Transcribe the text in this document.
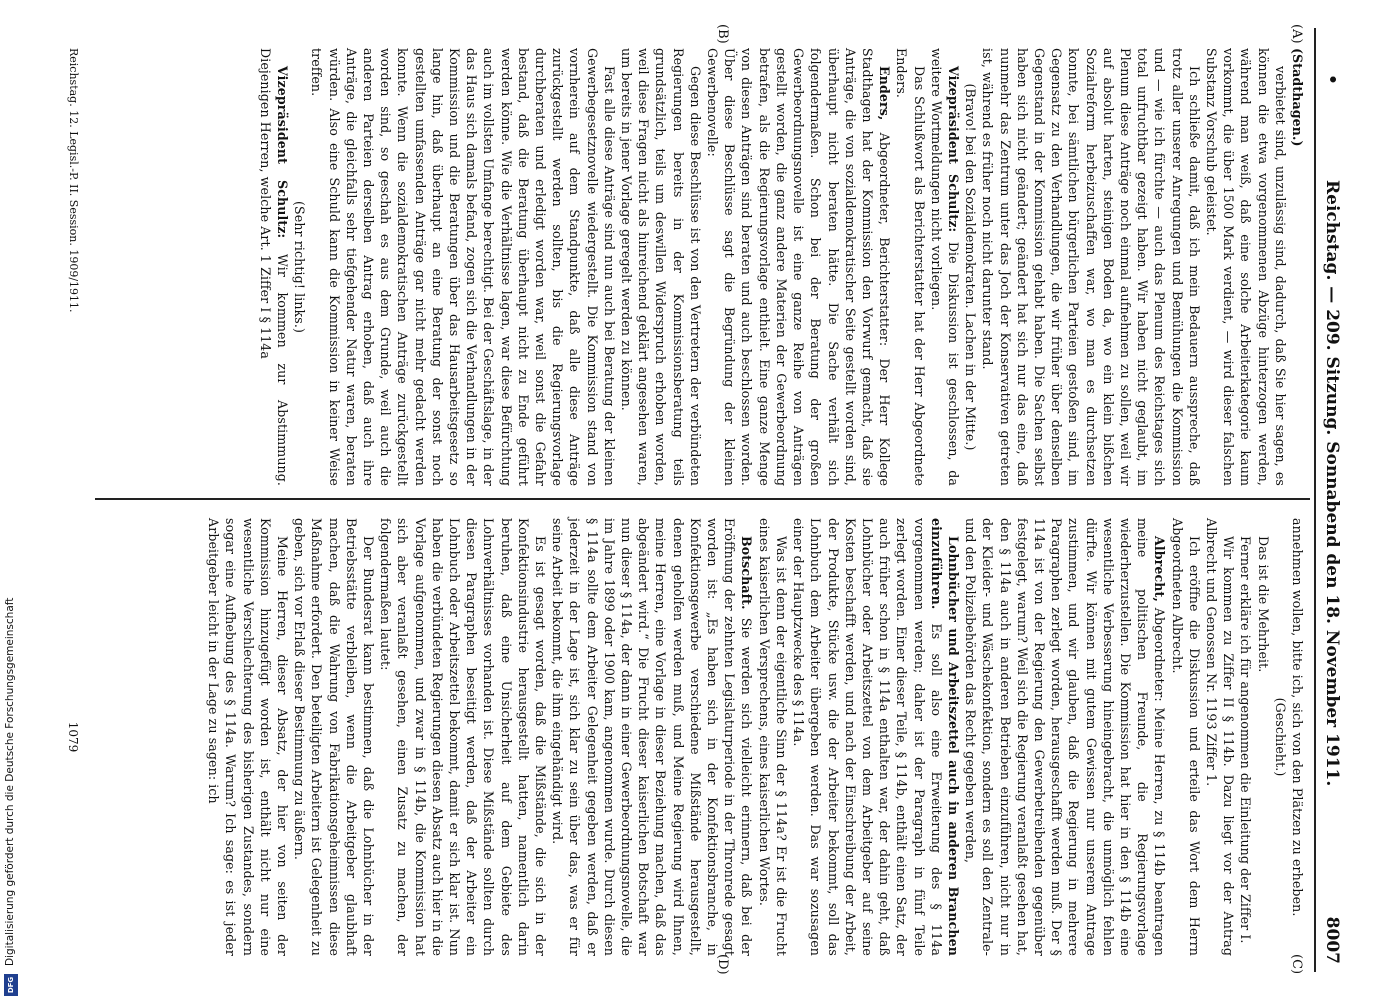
•
Reichstag. — 209. Sitzung. Sonnabend den 18. November 1911.
8007
(A)
(B)
(C)
(D)

(Stadthagen.)

verbietet sind, unzulässig sind, dadurch, daß Sie hier sagen, es können die etwa vorgenommenen Abzüge hinterzogen werden, während man weiß, daß eine solche Arbeiterkategorie kaum vorkommt, die über 1500 Mark verdient, — wird dieser falschen Substanz Vorschub geleistet.

Ich schließe damit, daß ich mein Bedauern ausspreche, daß trotz aller unserer Anregungen und Bemühungen die Kommission und — wie ich fürchte — auch das Plenum des Reichstages sich total unfruchtbar gezeigt haben. Wir haben nicht geglaubt, im Plenum diese Anträge noch einmal aufnehmen zu sollen, weil wir auf absolut harten, steinigen Boden da, wo ein klein bißchen Sozialreform herbeizuschaffen war, wo man es durchsetzen konnte, bei sämtlichen bürgerlichen Parteien gestoßen sind, im Gegensatz zu den Verhandlungen, die wir früher über denselben Gegenstand in der Kommission gehabt haben. Die Sachen selbst haben sich nicht geändert; geändert hat sich nur das eine, daß nunmehr das Zentrum unter das Joch der Konservativen getreten ist, während es früher noch nicht darunter stand.

(Bravo! bei den Sozialdemokraten. Lachen in der Mitte.)

Vizepräsident Schultz: Die Diskussion ist geschlossen, da weitere Wortmeldungen nicht vorliegen.

Das Schlußwort als Berichterstatter hat der Herr Abgeordnete Enders.

Enders, Abgeordneter, Berichterstatter: Der Herr Kollege Stadthagen hat der Kommission den Vorwurf gemacht, daß sie Anträge, die von sozialdemokratischer Seite gestellt worden sind, überhaupt nicht beraten hätte. Die Sache verhält sich folgendermaßen. Schon bei der Beratung der großen Gewerbeordnungsnovelle ist eine ganze Reihe von Anträgen gestellt worden, die ganz andere Materien der Gewerbeordnung betrafen, als die Regierungsvorlage enthielt. Eine ganze Menge von diesen Anträgen sind beraten und auch beschlossen worden. Über diese Beschlüsse sagt die Begründung der kleinen Gewerbenovelle:

Gegen diese Beschlüsse ist von den Vertretern der verbündeten Regierungen bereits in der Kommissionsberatung teils grundsätzlich, teils um deswillen Widerspruch erhoben worden, weil diese Fragen nicht als hinreichend geklärt angesehen waren, um bereits in jener Vorlage geregelt werden zu können.

Fast alle diese Anträge sind nun auch bei Beratung der kleinen Gewerbegesetznovelle wiedergestellt. Die Kommission stand von vornherein auf dem Standpunkte, daß alle diese Anträge zurückgestellt werden sollten, bis die Regierungsvorlage durchberaten und erledigt worden war, weil sonst die Gefahr bestand, daß die Beratung überhaupt nicht zu Ende geführt werden könne. Wie die Verhältnisse lagen, war diese Befürchtung auch im vollsten Umfange berechtigt. Bei der Geschäftslage, in der das Haus sich damals befand, zogen sich die Verhandlungen in der Kommission und die Beratungen über das Hausarbeitsgesetz so lange hin, daß überhaupt an eine Beratung der sonst noch gestellten umfassenden Anträge gar nicht mehr gedacht werden konnte. Wenn die sozialdemokratischen Anträge zurückgestellt worden sind, so geschah es aus dem Grunde, weil auch die anderen Parteien derselben Antrag erhoben, daß auch ihre Anträge, die gleichfalls sehr tiefgehender Natur waren, beraten würden. Also eine Schuld kann die Kommission in keiner Weise treffen.

(Sehr richtig! links.)

Vizepräsident Schultz: Wir kommen zur Abstimmung. Diejenigen Herren, welche Art. 1 Ziffer I § 114a

annehmen wollen, bitte ich, sich von den Plätzen zu erheben.

(Geschieht.)

Das ist die Mehrheit.

Ferner erkläre ich für angenommen die Einleitung der Ziffer I.

Wir kommen zu Ziffer II § 114b. Dazu liegt vor der Antrag Albrecht und Genossen Nr. 1193 Ziffer 1.

Ich eröffne die Diskussion und erteile das Wort dem Herrn Abgeordneten Albrecht.

Albrecht, Abgeordneter: Meine Herren, zu § 114b beantragen meine politischen Freunde, die Regierungsvorlage wiederherzustellen. Die Kommission hat hier in den § 114b eine wesentliche Verbesserung hineingebracht, die unmöglich fehlen dürfte. Wir können mit gutem Gewissen nur unserem Antrage zustimmen, und wir glauben, daß die Regierung in mehrere Paragraphen zerlegt worden, herausgeschafft werden muß. Der § 114a ist von der Regierung den Gewerbetreibenden gegenüber festgelegt, warum? Weil sich die Regierung veranlaßt gesehen hat, den § 114a auch in anderen Betrieben einzuführen, nicht nur in der Kleider- und Wäschekonfektion, sondern es soll den Zentrale- und den Polizeibehörden das Recht gegeben werden,

Lohnbücher und Arbeitszettel auch in anderen Branchen einzuführen. Es soll also eine Erweiterung des § 114a vorgenommen werden; daher ist der Paragraph in fünf Teile zerlegt worden. Einer dieser Teile, § 114b, enthält einen Satz, der auch früher schon in § 114a enthalten war, der dahin geht, daß Lohnbücher oder Arbeitszettel von dem Arbeitgeber auf seine Kosten beschafft werden, und nach der Einschreibung der Arbeit, der Produkte, Stücke usw. die der Arbeiter bekommt, soll das Lohnbuch dem Arbeiter übergeben werden. Das war sozusagen einer der Hauptzwecke des § 114a.

Was ist denn der eigentliche Sinn der § 114a? Er ist die Frucht eines kaiserlichen Versprechens, eines kaiserlichen Wortes.

Botschaft. Sie werden sich vielleicht erinnern, daß bei der Eröffnung der zehnten Legislaturperiode in der Thronrede gesagt worden ist: „Es haben sich in der Konfektionsbranche, in Konfektionsgewerbe verschiedene Mißstände herausgestellt, denen geholfen werden muß, und Meine Regierung wird Ihnen, meine Herren, eine Vorlage in dieser Beziehung machen, daß das abgeändert wird.“ Die Frucht dieser kaiserlichen Botschaft war nun dieser § 114a, der dann in einer Gewerbeordnungsnovelle, die im Jahre 1899 oder 1900 kam, angenommen wurde. Durch diesen § 114a sollte dem Arbeiter Gelegenheit gegeben werden, daß er jederzeit in der Lage ist, sich klar zu sein über das, was er für seine Arbeit bekommt, die ihm eingehändigt wird.

Es ist gesagt worden, daß die Mißstände, die sich in der Konfektionsindustrie herausgestellt hatten, namentlich darin beruhen, daß eine Unsicherheit auf dem Gebiete des Lohnverhältnisses vorhanden ist. Diese Mißstände sollten durch diesen Paragraphen beseitigt werden, daß der Arbeiter ein Lohnbuch oder Arbeitszettel bekommt, damit er sich klar ist. Nun haben die verbündeten Regierungen diesen Absatz auch hier in die Vorlage aufgenommen, und zwar in § 114b, die Kommission hat sich aber veranlaßt gesehen, einen Zusatz zu machen, der folgendermaßen lautet:

Der Bundesrat kann bestimmen, daß die Lohnbücher in der Betriebsstätte verbleiben, wenn die Arbeitgeber glaubhaft machen, daß die Wahrung von Fabrikationsgeheimnissen diese Maßnahme erfordert. Den beteiligten Arbeitern ist Gelegenheit zu geben, sich vor Erlaß dieser Bestimmung zu äußern.

Meine Herren, dieser Absatz, der hier von seiten der Kommission hinzugefügt worden ist, enthält nicht nur eine wesentliche Verschlechterung des bisherigen Zustandes, sondern sogar eine Aufhebung des § 114a. Warum? Ich sage: es ist jeder Arbeitgeber leicht in der Lage zu sagen: ich

Reichstag. 12. Legisl.-P. II. Session. 1909/1911.
1079
Digitalisierung gefördert durch die Deutsche Forschungsgemeinschaft
DFG
